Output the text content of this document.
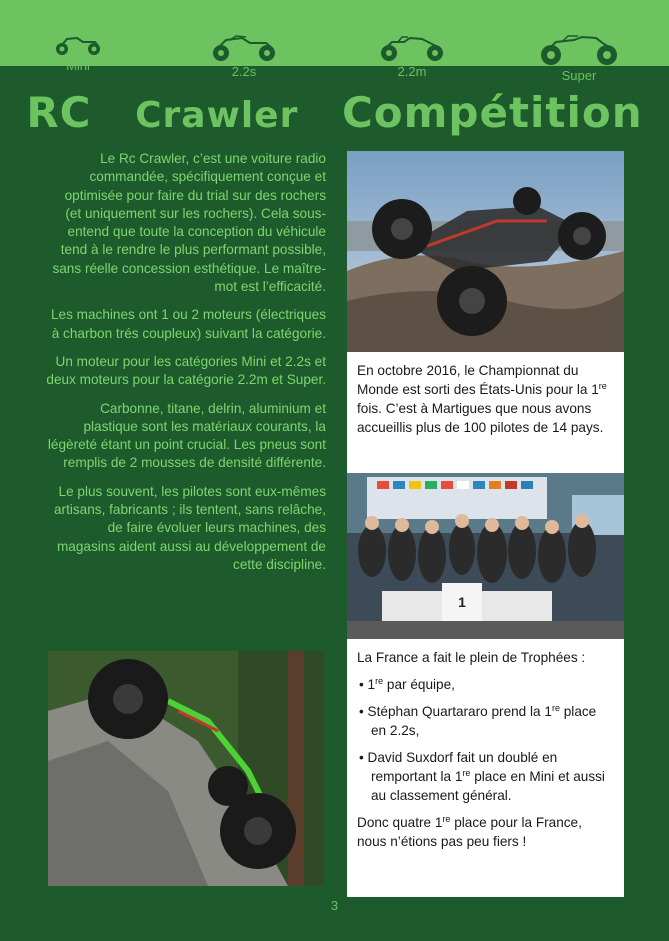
Mini	2.2s	2.2m	Super
RC Crawler Compétition

Le Rc Crawler, c’est une voiture radio commandée, spécifiquement conçue et optimisée pour faire du trial sur des rochers (et uniquement sur les rochers). Cela sous-entend que toute la conception du véhicule tend à le rendre le plus performant possible, sans réelle concession esthétique. Le maître-mot est l’efficacité.

Les machines ont 1 ou 2 moteurs (électriques à charbon trés coupleux) suivant la catégorie.

Un moteur pour les catégories Mini et 2.2s et deux moteurs pour la catégorie 2.2m et Super.

Carbonne, titane, delrin, aluminium et plastique sont les matériaux courants, la légèreté étant un point crucial. Les pneus sont remplis de 2 mousses de densité différente.

Le plus souvent, les pilotes sont eux-mêmes artisans, fabricants ; ils tentent, sans relâche, de faire évoluer leurs machines, des magasins aident aussi au développement de cette discipline.

En octobre 2016, le Championnat du Monde est sorti des États-Unis pour la 1re fois. C’est à Martigues que nous avons accueillis plus de 100 pilotes de 14 pays.

1

La France a fait le plein de Trophées :

• 1re par équipe,

• Stéphan Quartararo prend la 1re place en 2.2s,

• David Suxdorf fait un doublé en remportant la 1re place en Mini et aussi au classement général.

Donc quatre 1re place pour la France, nous n’étions pas peu fiers !

3
